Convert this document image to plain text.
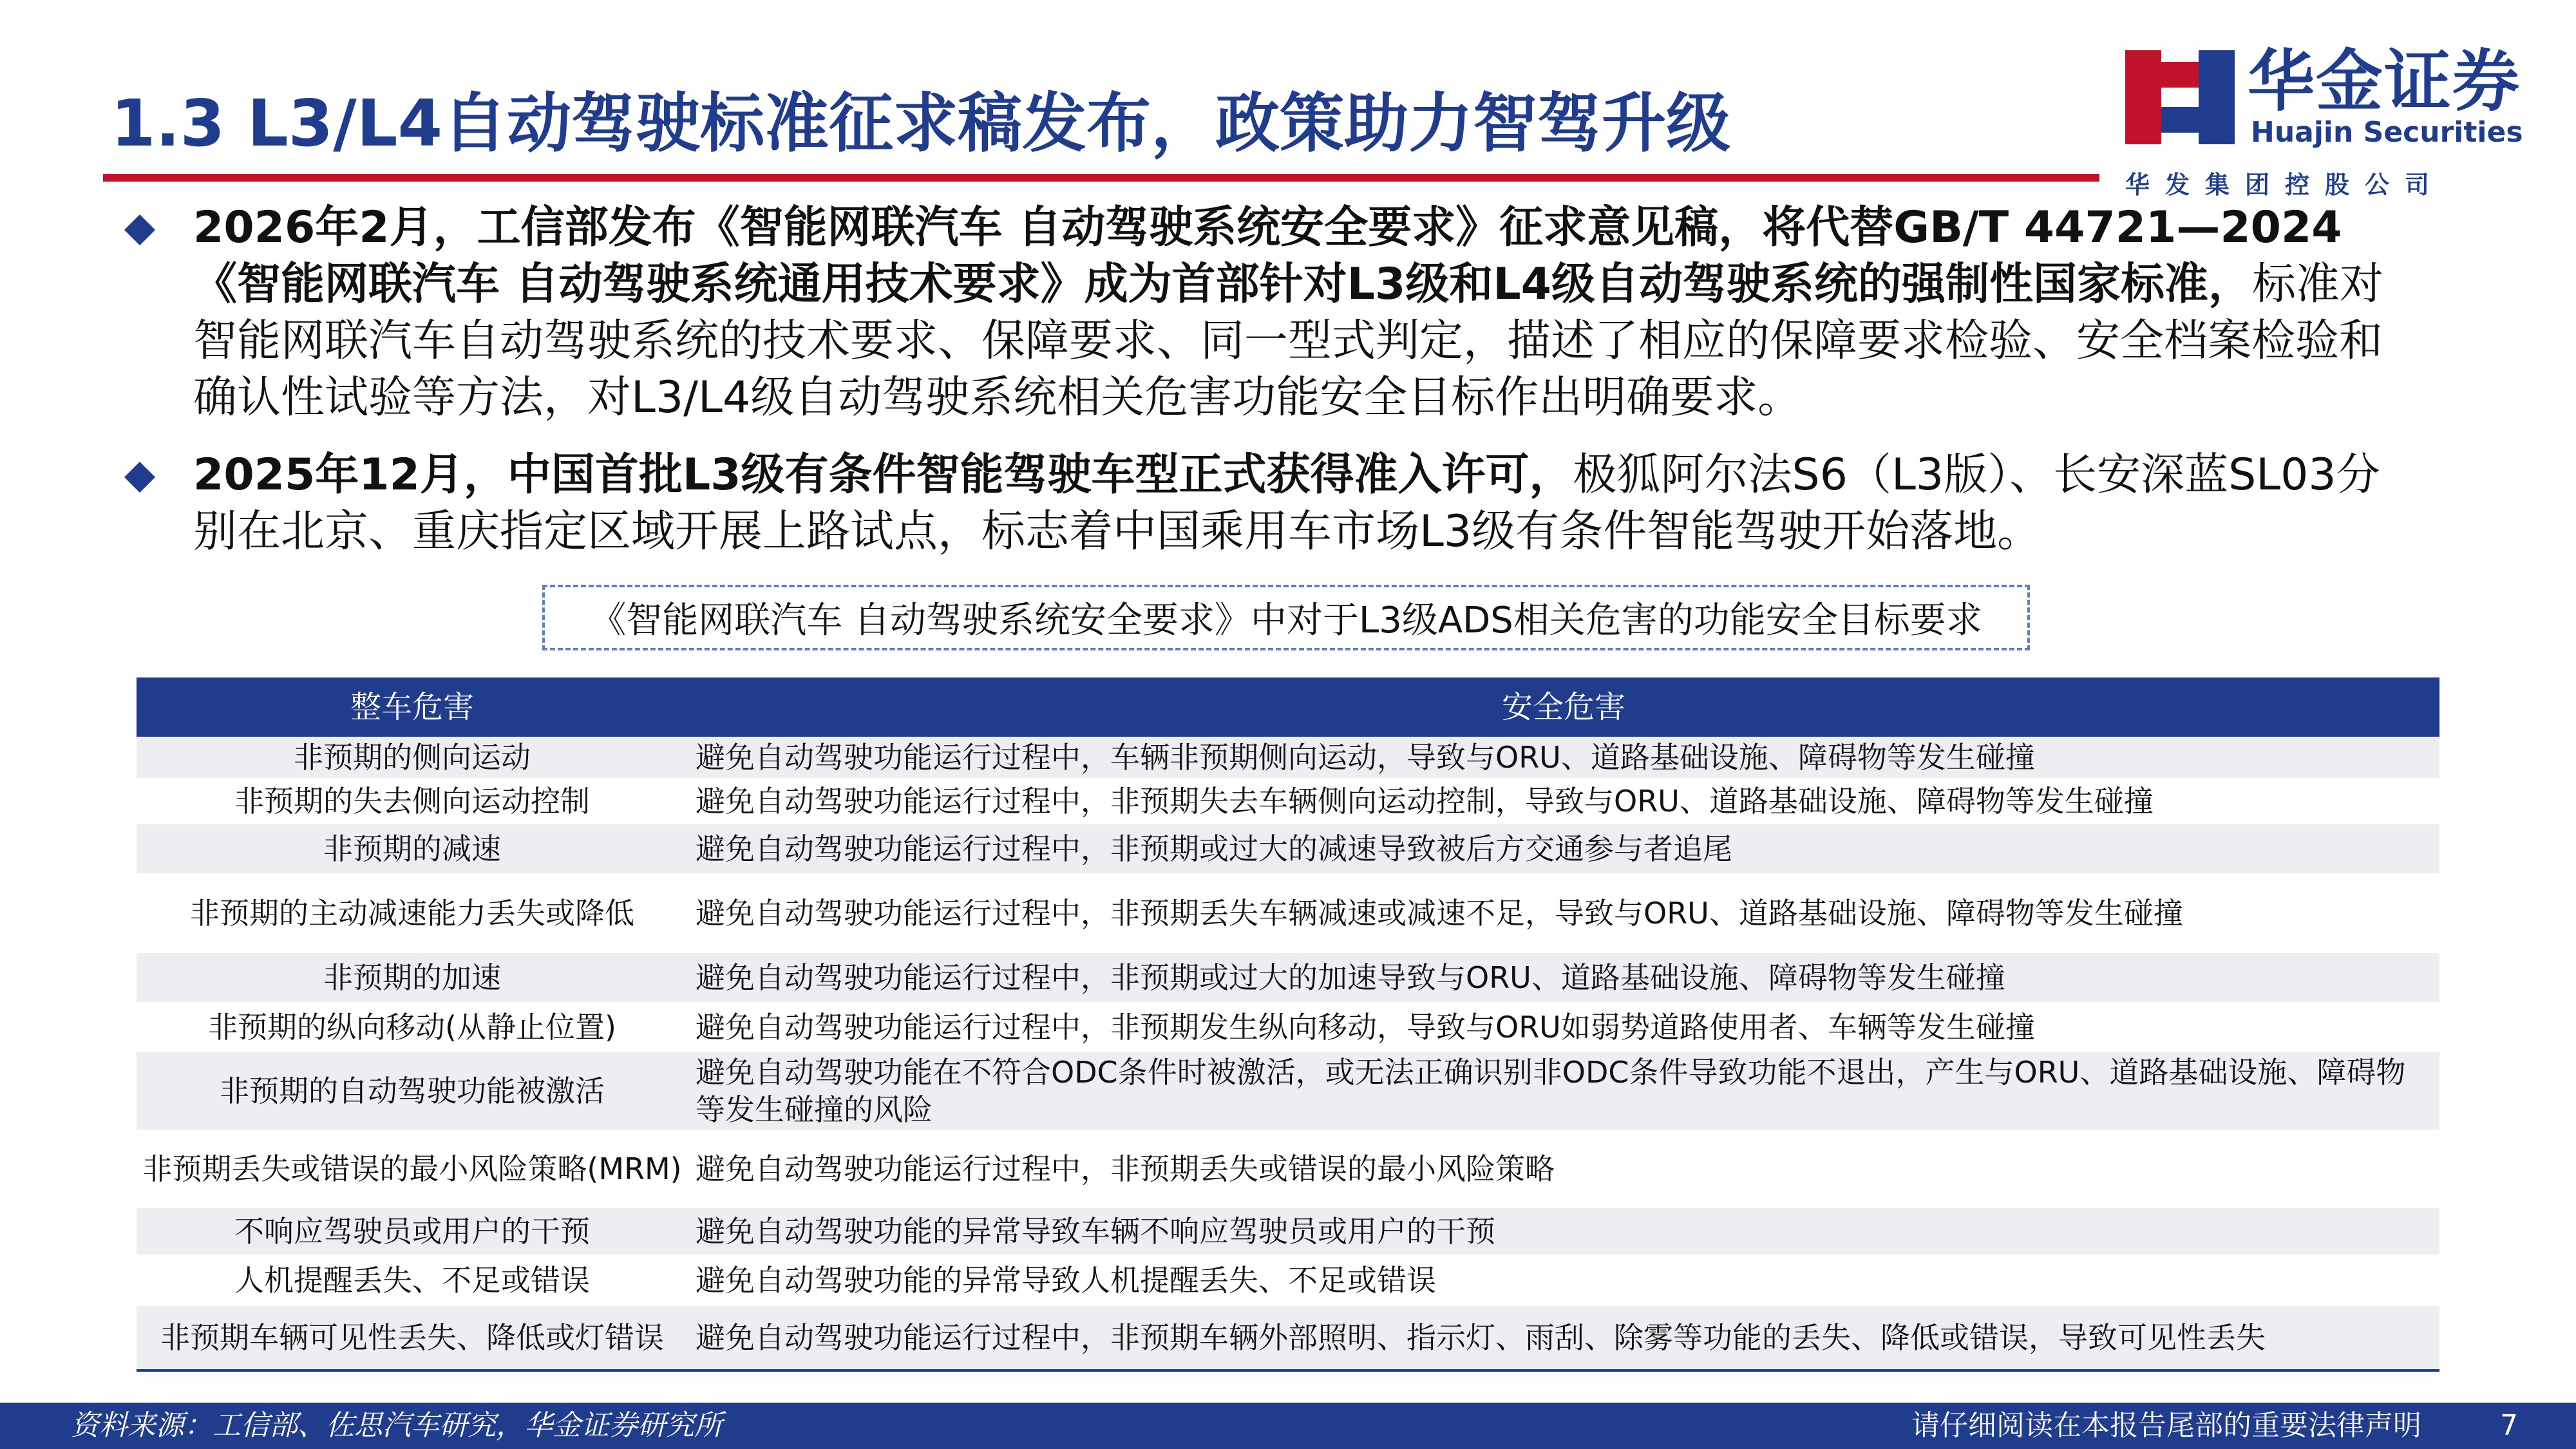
1.3 L3/L4自动驾驶标准征求稿发布，政策助力智驾升级
华金证券
Huajin Securities
华发集团控股公司

2026年2月，工信部发布《智能网联汽车 自动驾驶系统安全要求》征求意见稿，将代替GB/T 44721—2024《智能网联汽车 自动驾驶系统通用技术要求》成为首部针对L3级和L4级自动驾驶系统的强制性国家标准，标准对智能网联汽车自动驾驶系统的技术要求、保障要求、同一型式判定，描述了相应的保障要求检验、安全档案检验和确认性试验等方法，对L3/L4级自动驾驶系统相关危害功能安全目标作出明确要求。

2025年12月，中国首批L3级有条件智能驾驶车型正式获得准入许可，极狐阿尔法S6（L3版）、长安深蓝SL03分别在北京、重庆指定区域开展上路试点，标志着中国乘用车市场L3级有条件智能驾驶开始落地。

《智能网联汽车 自动驾驶系统安全要求》中对于L3级ADS相关危害的功能安全目标要求
整车危害	安全危害
非预期的侧向运动	避免自动驾驶功能运行过程中，车辆非预期侧向运动，导致与ORU、道路基础设施、障碍物等发生碰撞
非预期的失去侧向运动控制	避免自动驾驶功能运行过程中，非预期失去车辆侧向运动控制，导致与ORU、道路基础设施、障碍物等发生碰撞
非预期的减速	避免自动驾驶功能运行过程中，非预期或过大的减速导致被后方交通参与者追尾
非预期的主动减速能力丢失或降低	避免自动驾驶功能运行过程中，非预期丢失车辆减速或减速不足，导致与ORU、道路基础设施、障碍物等发生碰撞
非预期的加速	避免自动驾驶功能运行过程中，非预期或过大的加速导致与ORU、道路基础设施、障碍物等发生碰撞
非预期的纵向移动(从静止位置)	避免自动驾驶功能运行过程中，非预期发生纵向移动，导致与ORU如弱势道路使用者、车辆等发生碰撞
非预期的自动驾驶功能被激活	避免自动驾驶功能在不符合ODC条件时被激活，或无法正确识别非ODC条件导致功能不退出，产生与ORU、道路基础设施、障碍物等发生碰撞的风险
非预期丢失或错误的最小风险策略(MRM)	避免自动驾驶功能运行过程中，非预期丢失或错误的最小风险策略
不响应驾驶员或用户的干预	避免自动驾驶功能的异常导致车辆不响应驾驶员或用户的干预
人机提醒丢失、不足或错误	避免自动驾驶功能的异常导致人机提醒丢失、不足或错误
非预期车辆可见性丢失、降低或灯错误	避免自动驾驶功能运行过程中，非预期车辆外部照明、指示灯、雨刮、除雾等功能的丢失、降低或错误，导致可见性丢失
资料来源：工信部、佐思汽车研究，华金证券研究所	请仔细阅读在本报告尾部的重要法律声明	7
